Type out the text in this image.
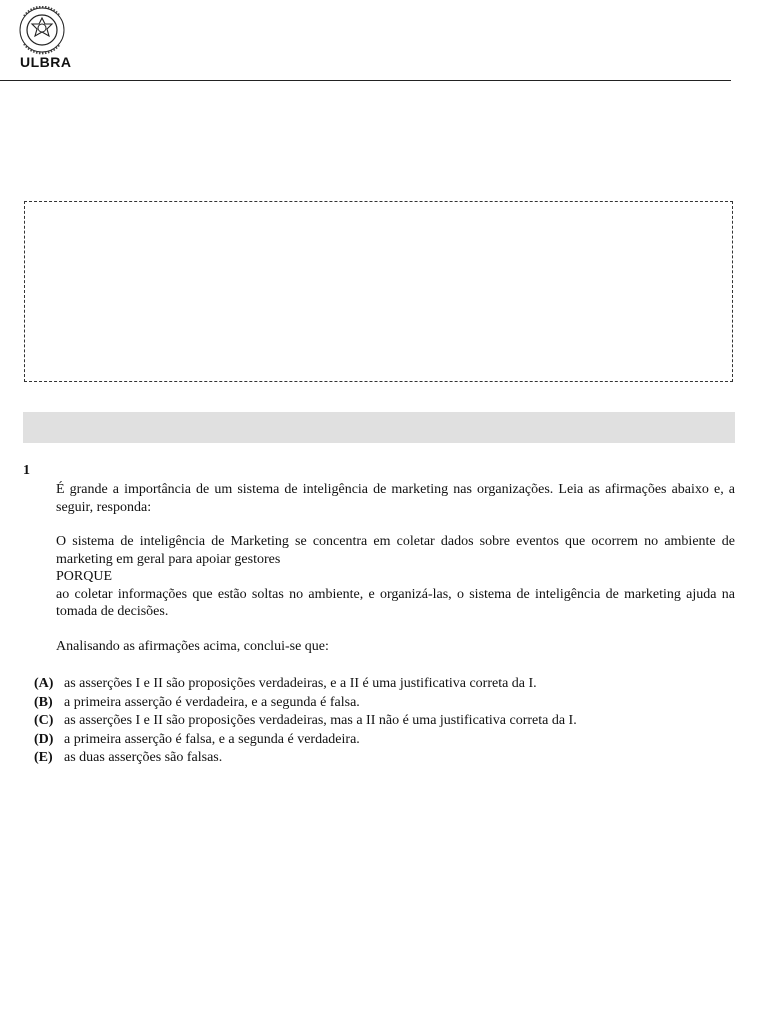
ULBRA
1

É grande a importância de um sistema de inteligência de marketing nas organizações. Leia as afirmações abaixo e, a seguir, responda:

O sistema de inteligência de Marketing se concentra em coletar dados sobre eventos que ocorrem no ambiente de marketing em geral para apoiar gestores

PORQUE

ao coletar informações que estão soltas no ambiente, e organizá-las, o sistema de inteligência de marketing ajuda na tomada de decisões.

Analisando as afirmações acima, conclui-se que:

(A) as asserções I e II são proposições verdadeiras, e a II é uma justificativa correta da I.
(B) a primeira asserção é verdadeira, e a segunda é falsa.
(C) as asserções I e II são proposições verdadeiras, mas a II não é uma justificativa correta da I.
(D) a primeira asserção é falsa, e a segunda é verdadeira.
(E) as duas asserções são falsas.
